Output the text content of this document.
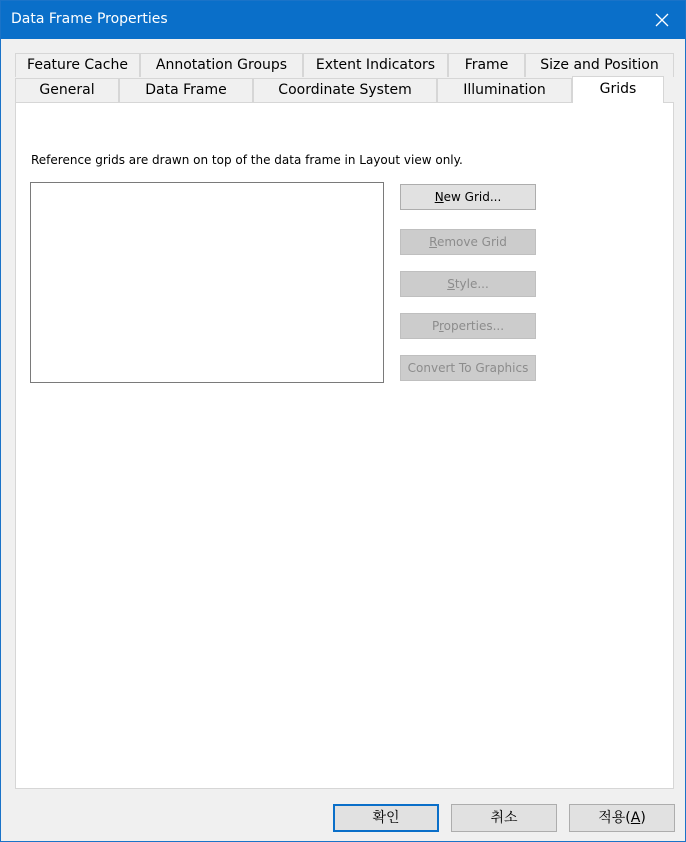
Data Frame Properties
Feature Cache	Annotation Groups	Extent Indicators	Frame	Size and Position
General	Data Frame	Coordinate System	Illumination	Grids
Reference grids are drawn on top of the data frame in Layout view only.
New Grid...
Remove Grid
Style...
Properties...
Convert To Graphics
확인	취소	적용(A)
